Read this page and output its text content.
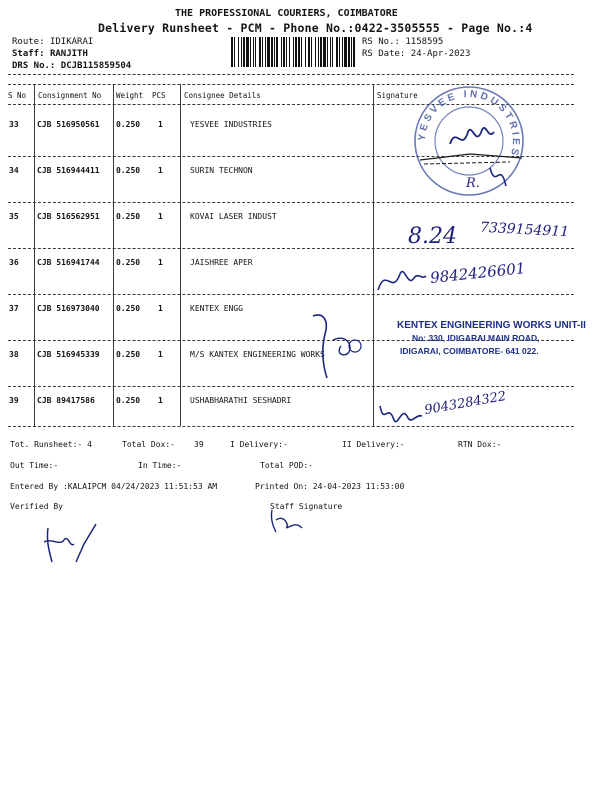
THE PROFESSIONAL COURIERS, COIMBATORE
Delivery Runsheet - PCM - Phone No.:0422-3505555 - Page No.:4
Route: IDIKARAI
Staff: RANJITH
DRS No.: DCJB115859504
RS No.: 1158595
RS Date: 24-Apr-2023
S No Consignment No Weight PCS Consignee Details	Signature
33 CJB 516950561 0.250 1	YESVEE INDUSTRIES
34 CJB 516944411 0.250 1	SURIN TECHNON
35 CJB 516562951 0.250 1	KOVAI LASER INDUST
36 CJB 516941744 0.250 1	JAISHREE APER
37 CJB 516973040 0.250 1	KENTEX ENGG
38 CJB 516945339 0.250 1	M/S KANTEX ENGINEERING WORKS
39 CJB 89417586	0.250 1	USHABHARATHI SESHADRI
YESVEE INDUSTRIES
R.
8.24 7339154911
9842426601
KENTEX ENGINEERING WORKS UNIT-II
No: 330, IDIGARAI MAIN ROAD,
IDIGARAI, COIMBATORE- 641 022.
9043284322
Tot. Runsheet:- 4	Total Dox:- 39	I Delivery:-	II Delivery:-	RTN Dox:-
Out Time:-	In Time:-	Total POD:-
Entered By :KALAIPCM 04/24/2023 11:51:53 AM	Printed On: 24-04-2023 11:53:00
Verified By	Staff Signature
